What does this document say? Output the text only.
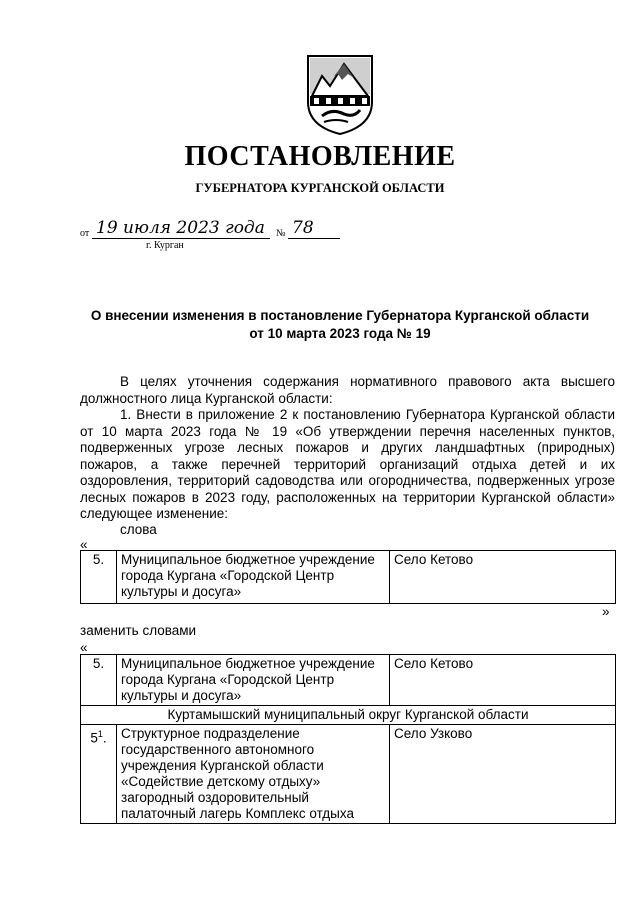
ПОСТАНОВЛЕНИЕ
ГУБЕРНАТОРА КУРГАНСКОЙ ОБЛАСТИ
от 19 июля 2023 года № 78
г. Курган
О внесении изменения в постановление Губернатора Курганской области
от 10 марта 2023 года № 19
В целях уточнения содержания нормативного правового акта высшего должностного лица Курганской области:
1. Внести в приложение 2 к постановлению Губернатора Курганской области от 10 марта 2023 года № 19 «Об утверждении перечня населенных пунктов, подверженных угрозе лесных пожаров и других ландшафтных (природных) пожаров, а также перечней территорий организаций отдыха детей и их оздоровления, территорий садоводства или огородничества, подверженных угрозе лесных пожаров в 2023 году, расположенных на территории Курганской области» следующее изменение:
слова
«
5.	Муниципальное бюджетное учреждение города Кургана «Городской Центр культуры и досуга»	Село Кетово
»
заменить словами
«
5.	Муниципальное бюджетное учреждение города Кургана «Городской Центр культуры и досуга»	Село Кетово
Куртамышский муниципальный округ Курганской области		
$5^1$.	Структурное подразделение государственного автономного учреждения Курганской области «Содействие детскому отдыху» загородный оздоровительный палаточный лагерь Комплекс отдыха	Село Узково
